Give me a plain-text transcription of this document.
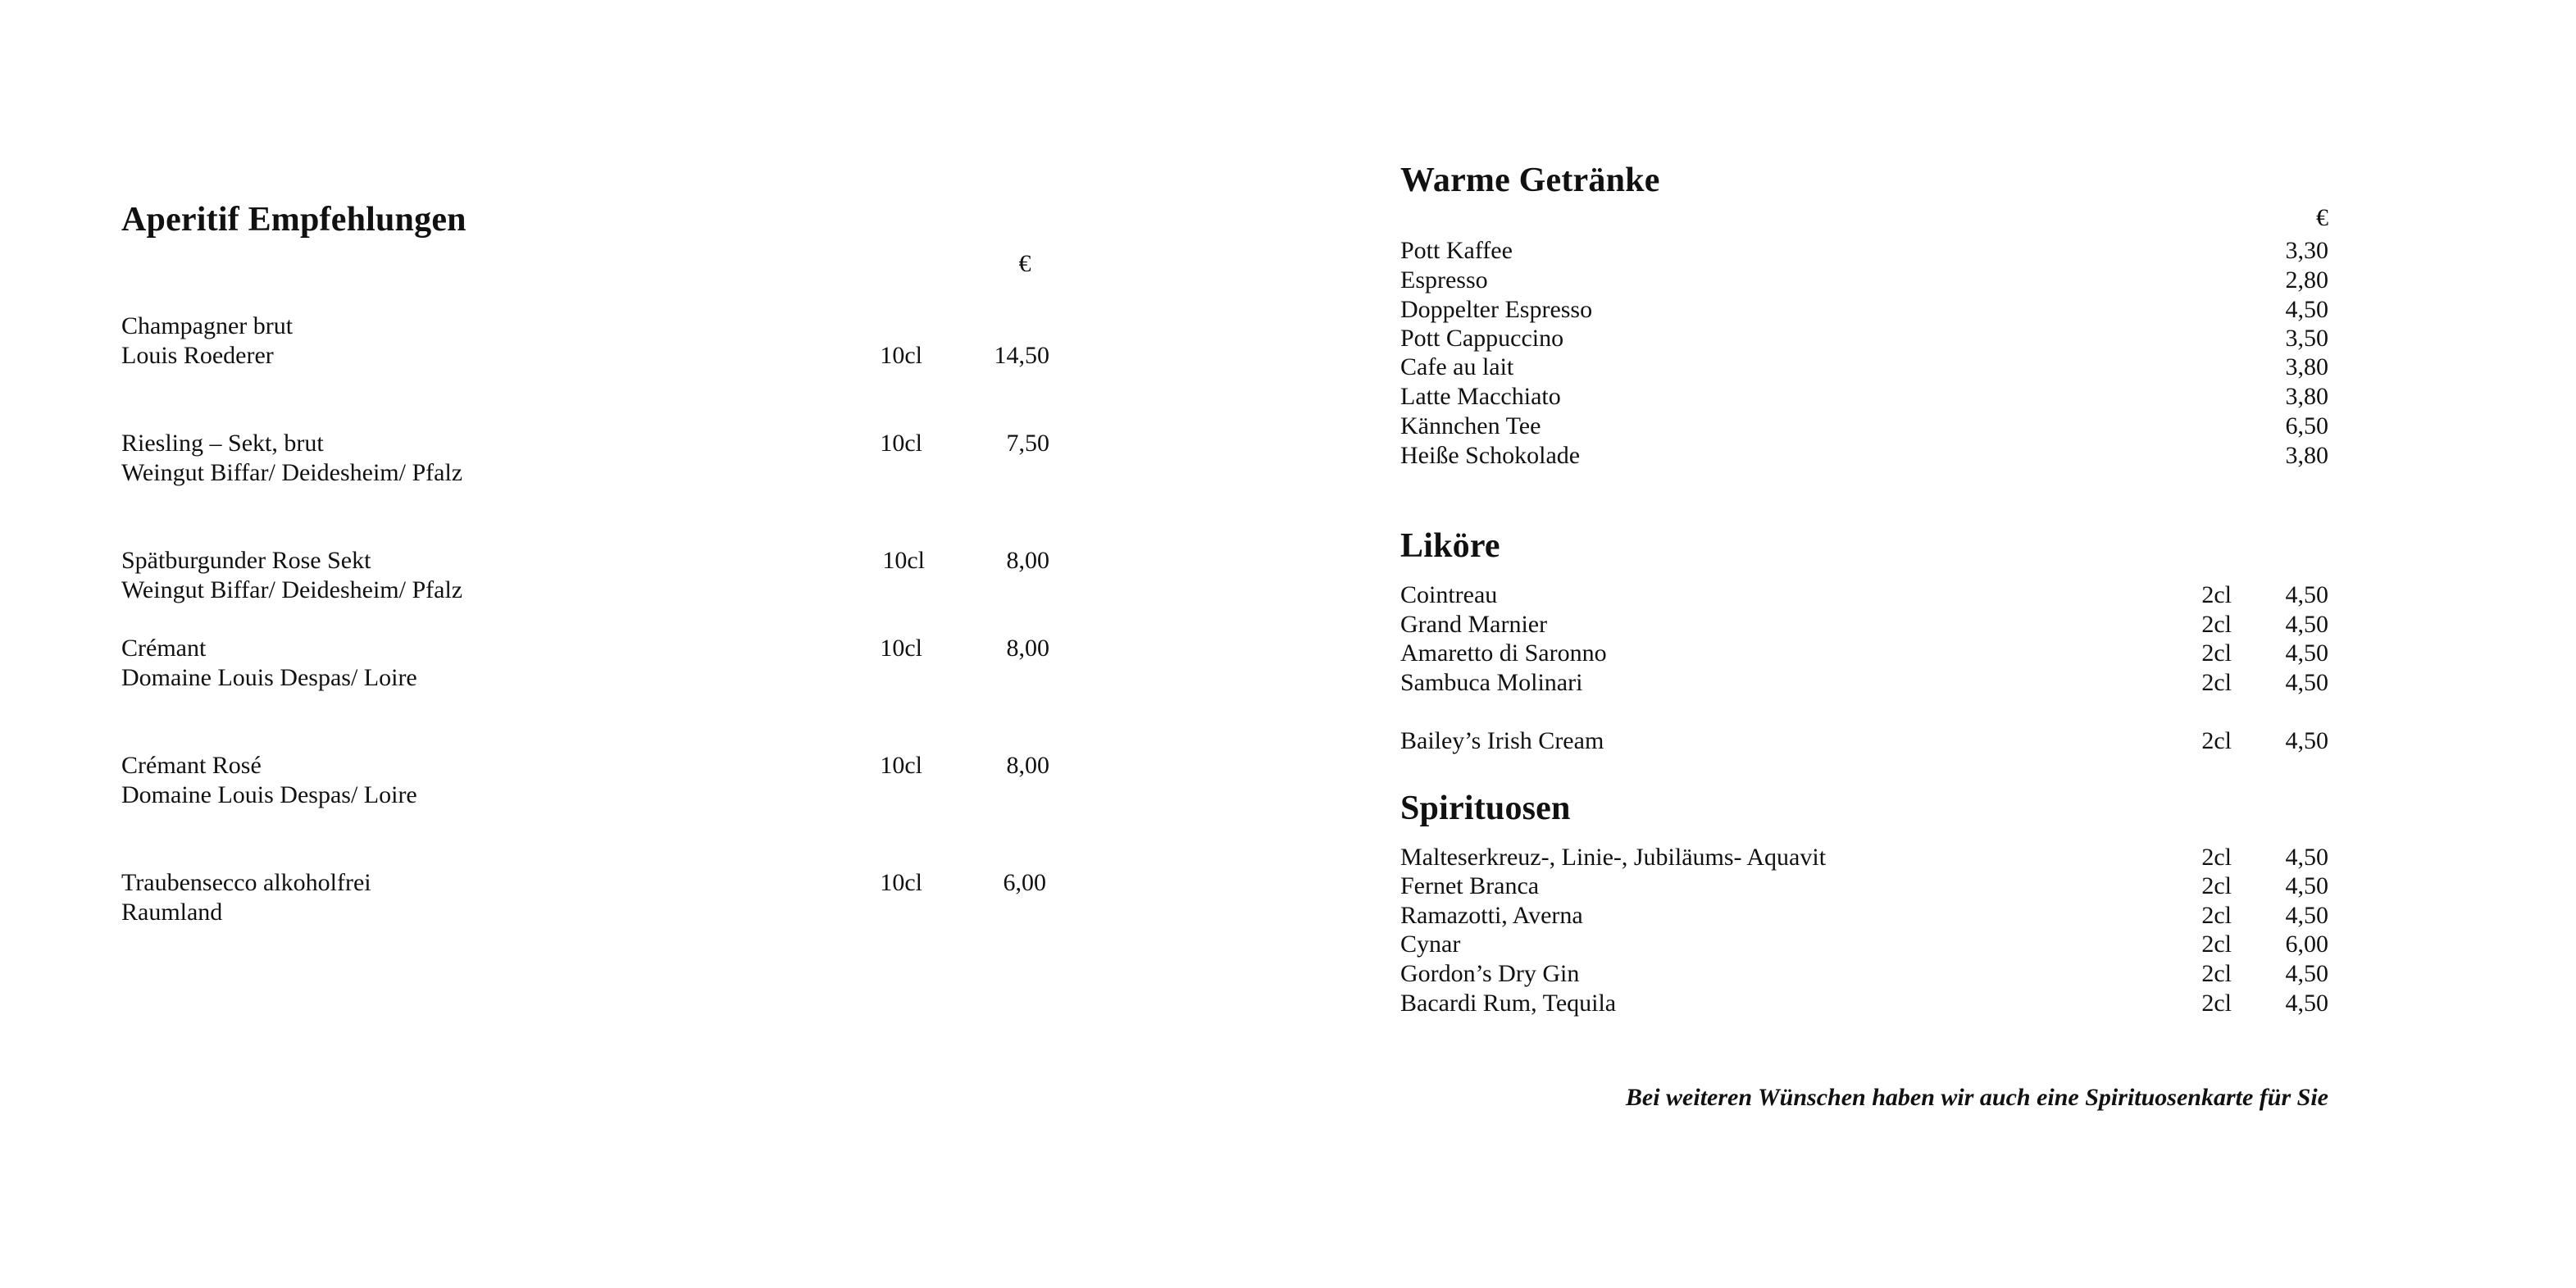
Aperitif Empfehlungen
€
Champagner brut
Louis Roederer	10cl	14,50
Riesling – Sekt, brut
Weingut Biffar/ Deidesheim/ Pfalz
10cl	7,50
Spätburgunder Rose Sekt
Weingut Biffar/ Deidesheim/ Pfalz
10cl	8,00
Crémant
Domaine Louis Despas/ Loire
10cl	8,00
Crémant Rosé
Domaine Louis Despas/ Loire
10cl	8,00
Traubensecco alkoholfrei
Raumland
10cl	6,00
Warme Getränke
€
Pott Kaffee	3,30
Espresso	2,80
Doppelter Espresso	4,50
Pott Cappuccino	3,50
Cafe au lait	3,80
Latte Macchiato	3,80
Kännchen Tee	6,50
Heiße Schokolade	3,80
Liköre
Cointreau	2cl	4,50
Grand Marnier	2cl	4,50
Amaretto di Saronno	2cl	4,50
Sambuca Molinari	2cl	4,50
Bailey’s Irish Cream	2cl	4,50
Spirituosen
Malteserkreuz-, Linie-, Jubiläums- Aquavit	2cl	4,50
Fernet Branca	2cl	4,50
Ramazotti, Averna	2cl	4,50
Cynar	2cl	6,00
Gordon’s Dry Gin	2cl	4,50
Bacardi Rum, Tequila	2cl	4,50
Bei weiteren Wünschen haben wir auch eine Spirituosenkarte für Sie
